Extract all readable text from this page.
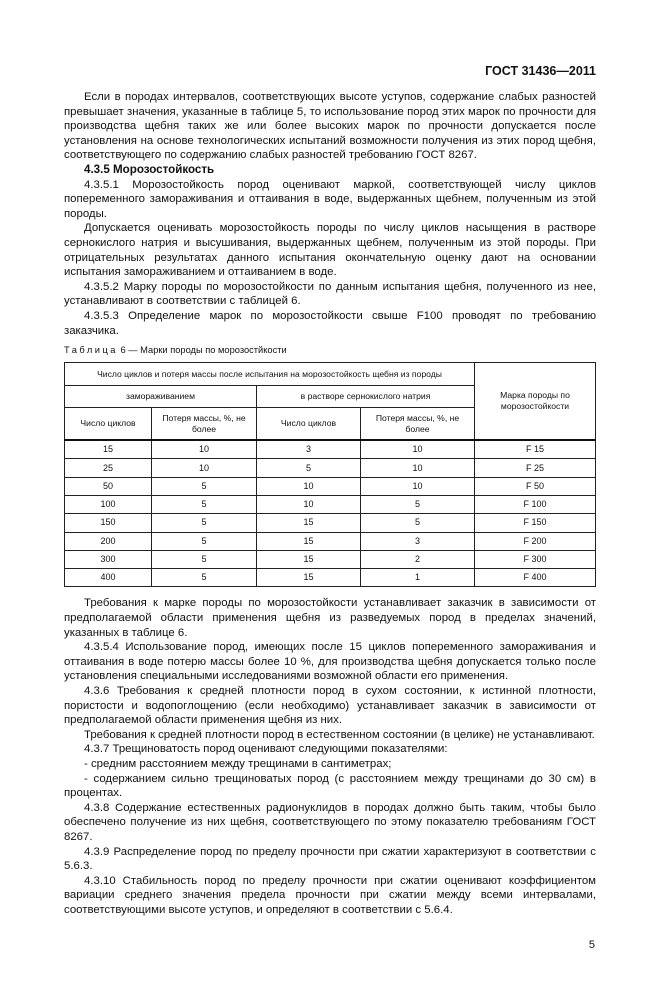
ГОСТ 31436—2011

Если в породах интервалов, соответствующих высоте уступов, содержание слабых разностей превышает значения, указанные в таблице 5, то использование пород этих марок по прочности для производства щебня таких же или более высоких марок по прочности допускается после установления на основе технологических испытаний возможности получения из этих пород щебня, соответствующего по содержанию слабых разностей требованию ГОСТ 8267.

4.3.5 Морозостойкость

4.3.5.1 Морозостойкость пород оценивают маркой, соответствующей числу циклов попеременного замораживания и оттаивания в воде, выдержанных щебнем, полученным из этой породы.

Допускается оценивать морозостойкость породы по числу циклов насыщения в растворе сернокислого натрия и высушивания, выдержанных щебнем, полученным из этой породы. При отрицательных результатах данного испытания окончательную оценку дают на основании испытания замораживанием и оттаиванием в воде.

4.3.5.2 Марку породы по морозостойкости по данным испытания щебня, полученного из нее, устанавливают в соответствии с таблицей 6.

4.3.5.3 Определение марок по морозостойкости свыше F100 проводят по требованию заказчика.

Таблица 6 — Марки породы по морозостйкости
Число циклов и потеря массы после испытания на морозостойкость щебня из породы				Марка породы по морозостойкости
замораживанием		в растворе сернокислого натрия		
Число циклов	Потеря массы, %, не более	Число циклов	Потеря массы, %, не более	
15	10	3	10	F 15
25	10	5	10	F 25
50	5	10	10	F 50
100	5	10	5	F 100
150	5	15	5	F 150
200	5	15	3	F 200
300	5	15	2	F 300
400	5	15	1	F 400

Требования к марке породы по морозостойкости устанавливает заказчик в зависимости от предполагаемой области применения щебня из разведуемых пород в пределах значений, указанных в таблице 6.

4.3.5.4 Использование пород, имеющих после 15 циклов попеременного замораживания и оттаивания в воде потерю массы более 10 %, для производства щебня допускается только после установления специальными исследованиями возможной области его применения.

4.3.6 Требования к средней плотности пород в сухом состоянии, к истинной плотности, пористости и водопоглощению (если необходимо) устанавливает заказчик в зависимости от предполагаемой области применения щебня из них.

Требования к средней плотности пород в естественном состоянии (в целике) не устанавливают.

4.3.7 Трещиноватость пород оценивают следующими показателями:

- средним расстоянием между трещинами в сантиметрах;

- содержанием сильно трещиноватых пород (с расстоянием между трещинами до 30 см) в процентах.

4.3.8 Содержание естественных радионуклидов в породах должно быть таким, чтобы было обеспечено получение из них щебня, соответствующего по этому показателю требованиям ГОСТ 8267.

4.3.9 Распределение пород по пределу прочности при сжатии характеризуют в соответствии с 5.6.3.

4.3.10 Стабильность пород по пределу прочности при сжатии оценивают коэффициентом вариации среднего значения предела прочности при сжатии между всеми интервалами, соответствующими высоте уступов, и определяют в соответствии с 5.6.4.

5
